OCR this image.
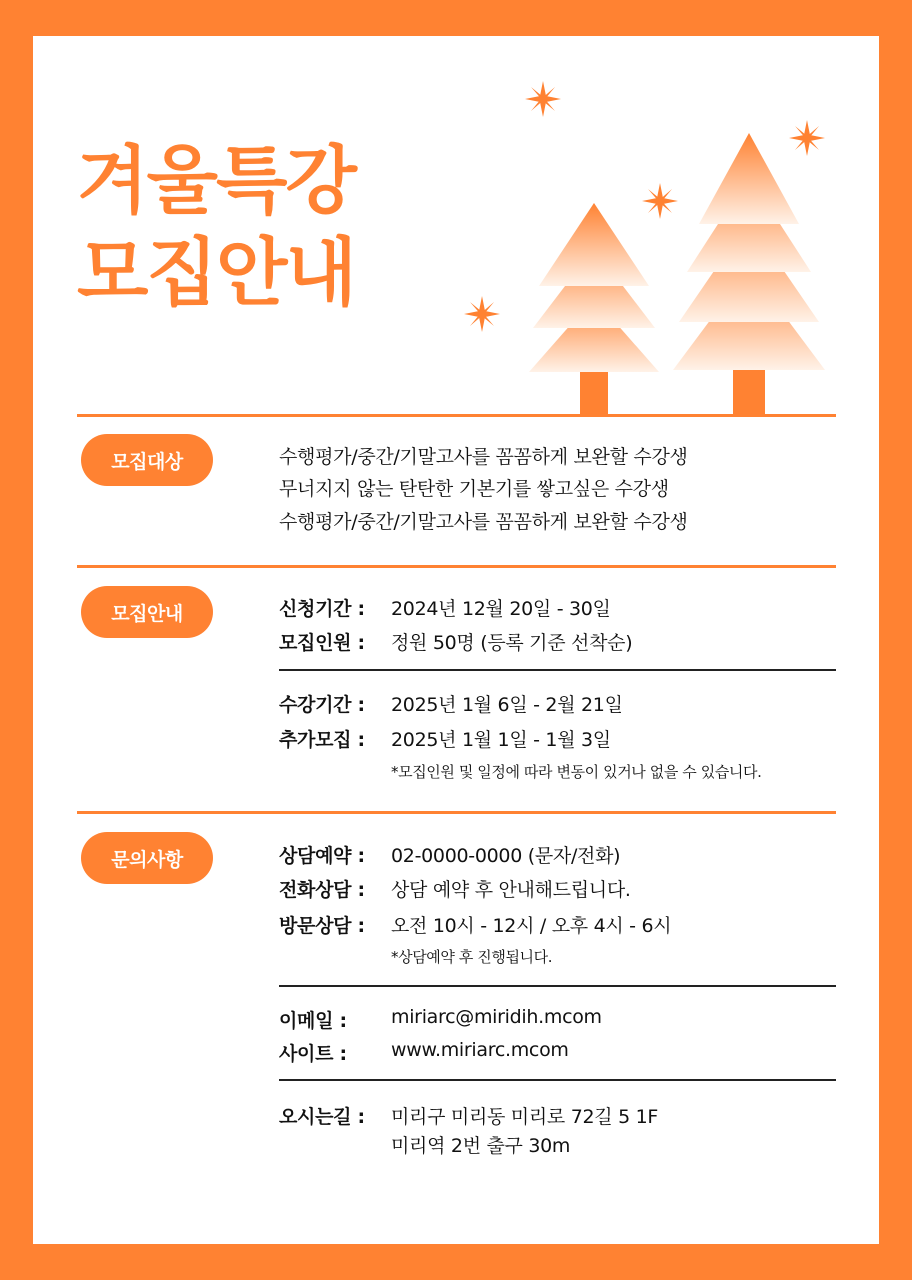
겨울특강
모집안내
모집대상	수행평가/중간/기말고사를 꼼꼼하게 보완할 수강생
무너지지 않는 탄탄한 기본기를 쌓고싶은 수강생
수행평가/중간/기말고사를 꼼꼼하게 보완할 수강생
모집안내	신청기간 : 2024년 12월 20일 - 30일
모집인원 : 정원 50명 (등록 기준 선착순)
수강기간 : 2025년 1월 6일 - 2월 21일
추가모집 : 2025년 1월 1일 - 1월 3일
*모집인원 및 일정에 따라 변동이 있거나 없을 수 있습니다.
문의사항	상담예약 : 02-0000-0000 (문자/전화)
전화상담 : 상담 예약 후 안내해드립니다.
방문상담 : 오전 10시 - 12시 / 오후 4시 - 6시
*상담예약 후 진행됩니다.
이메일 : miriarc@miridih.mcom
사이트 : www.miriarc.mcom
오시는길 : 미리구 미리동 미리로 72길 5 1F
미리역 2번 출구 30m
